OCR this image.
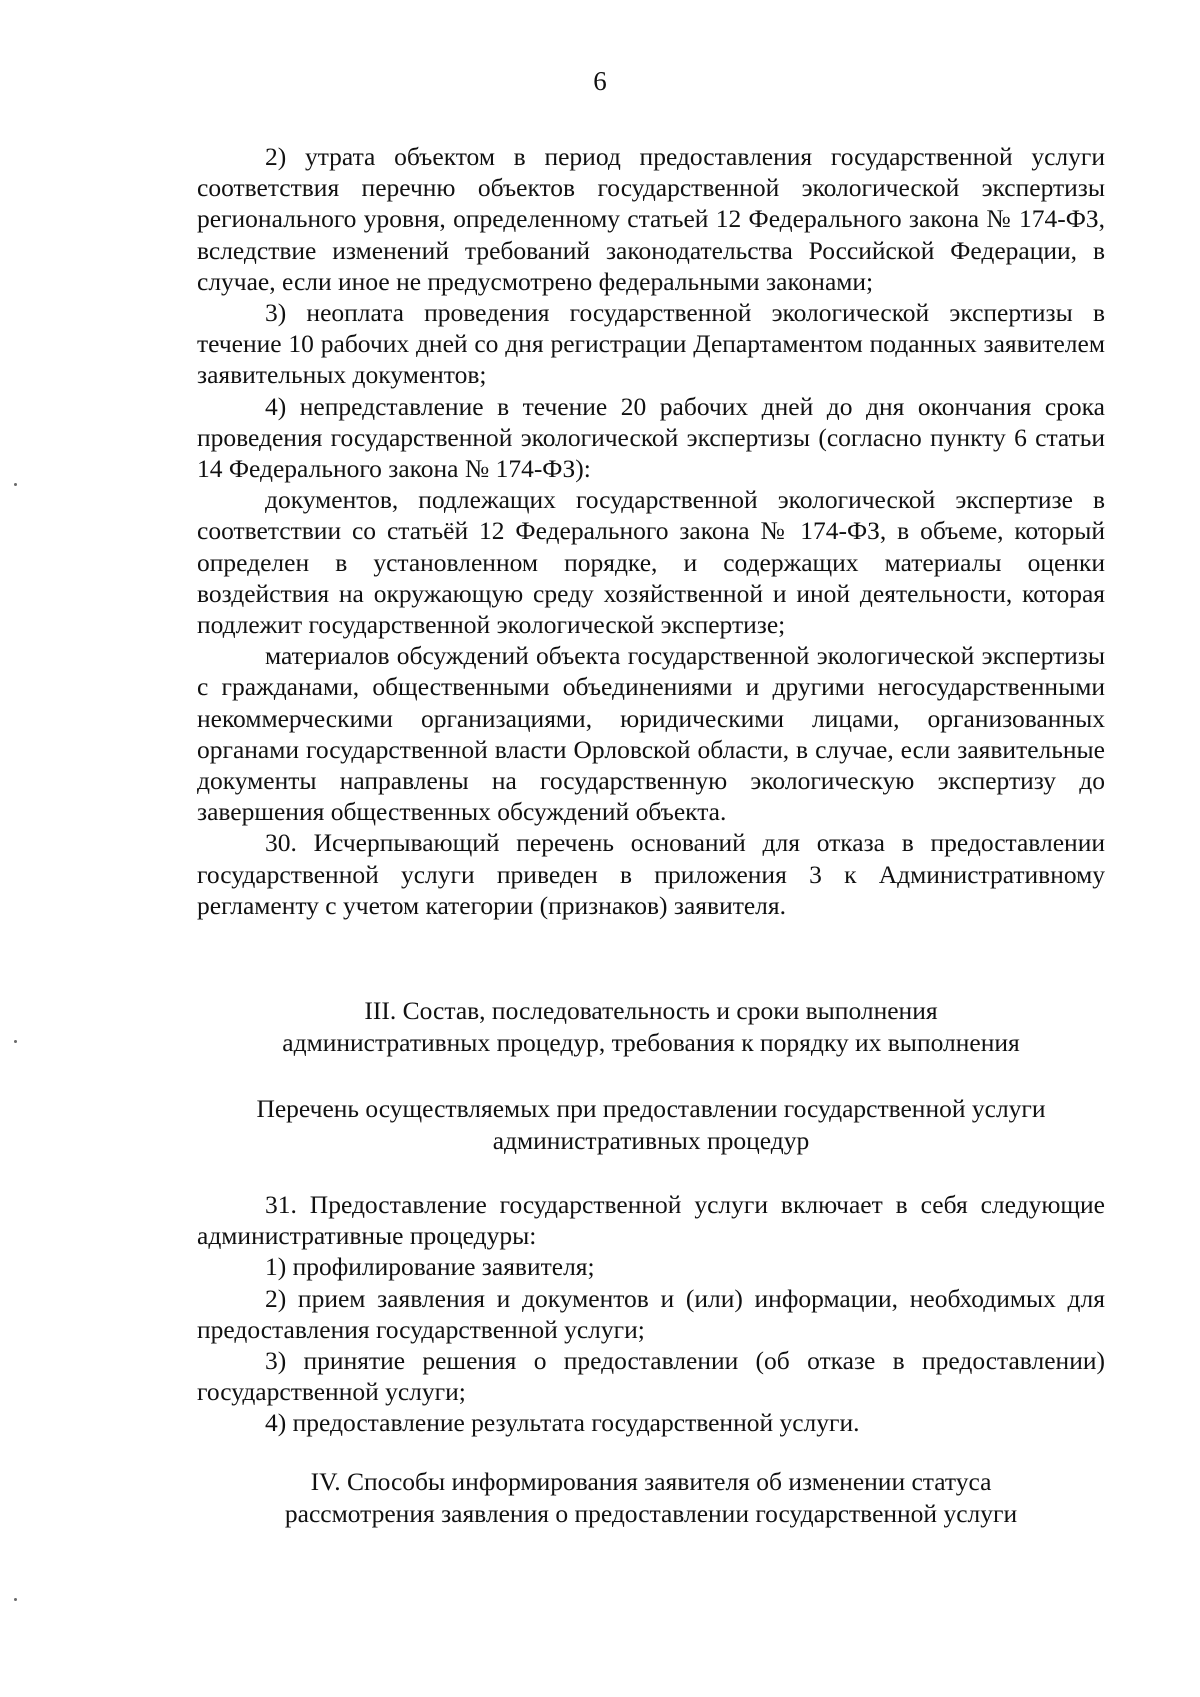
6

2) утрата объектом в период предоставления государственной услуги соответствия перечню объектов государственной экологической экспертизы регионального уровня, определенному статьей 12 Федерального закона № 174-ФЗ, вследствие изменений требований законодательства Российской Федерации, в случае, если иное не предусмотрено федеральными законами;

3) неоплата проведения государственной экологической экспертизы в течение 10 рабочих дней со дня регистрации Департаментом поданных заявителем заявительных документов;

4) непредставление в течение 20 рабочих дней до дня окончания срока проведения государственной экологической экспертизы (согласно пункту 6 статьи 14 Федерального закона № 174-ФЗ):

документов, подлежащих государственной экологической экспертизе в соответствии со статьёй 12 Федерального закона № 174-ФЗ, в объеме, который определен в установленном порядке, и содержащих материалы оценки воздействия на окружающую среду хозяйственной и иной деятельности, которая подлежит государственной экологической экспертизе;

материалов обсуждений объекта государственной экологической экспертизы с гражданами, общественными объединениями и другими негосударственными некоммерческими организациями, юридическими лицами, организованных органами государственной власти Орловской области, в случае, если заявительные документы направлены на государственную экологическую экспертизу до завершения общественных обсуждений объекта.

30. Исчерпывающий перечень оснований для отказа в предоставлении государственной услуги приведен в приложения 3 к Административному регламенту с учетом категории (признаков) заявителя.

III. Состав, последовательность и сроки выполнения
административных процедур, требования к порядку их выполнения
Перечень осуществляемых при предоставлении государственной услуги
административных процедур

31. Предоставление государственной услуги включает в себя следующие административные процедуры:

1) профилирование заявителя;

2) прием заявления и документов и (или) информации, необходимых для предоставления государственной услуги;

3) принятие решения о предоставлении (об отказе в предоставлении) государственной услуги;

4) предоставление результата государственной услуги.

IV. Способы информирования заявителя об изменении статуса
рассмотрения заявления о предоставлении государственной услуги
